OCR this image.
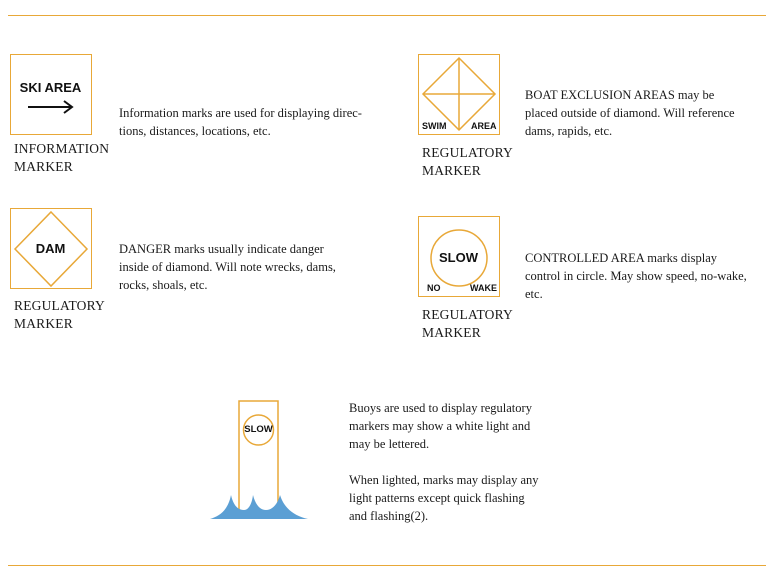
SKI AREA
INFORMATION
MARKER

Information marks are used for displaying direc-

tions, distances, locations, etc.	SWIM	AREA
REGULATORY
MARKER

BOAT EXCLUSION AREAS may be

placed outside of diamond. Will reference

dams, rapids, etc.

DAM
REGULATORY
MARKER

DANGER marks usually indicate danger

inside of diamond. Will note wrecks, dams,

rocks, shoals, etc.

SLOW
NO	WAKE
REGULATORY
MARKER

CONTROLLED AREA marks display

control in circle. May show speed, no-wake,

etc.

SLOW

Buoys are used to display regulatory

markers may show a white light and

may be lettered.

When lighted, marks may display any

light patterns except quick flashing

and flashing(2).
